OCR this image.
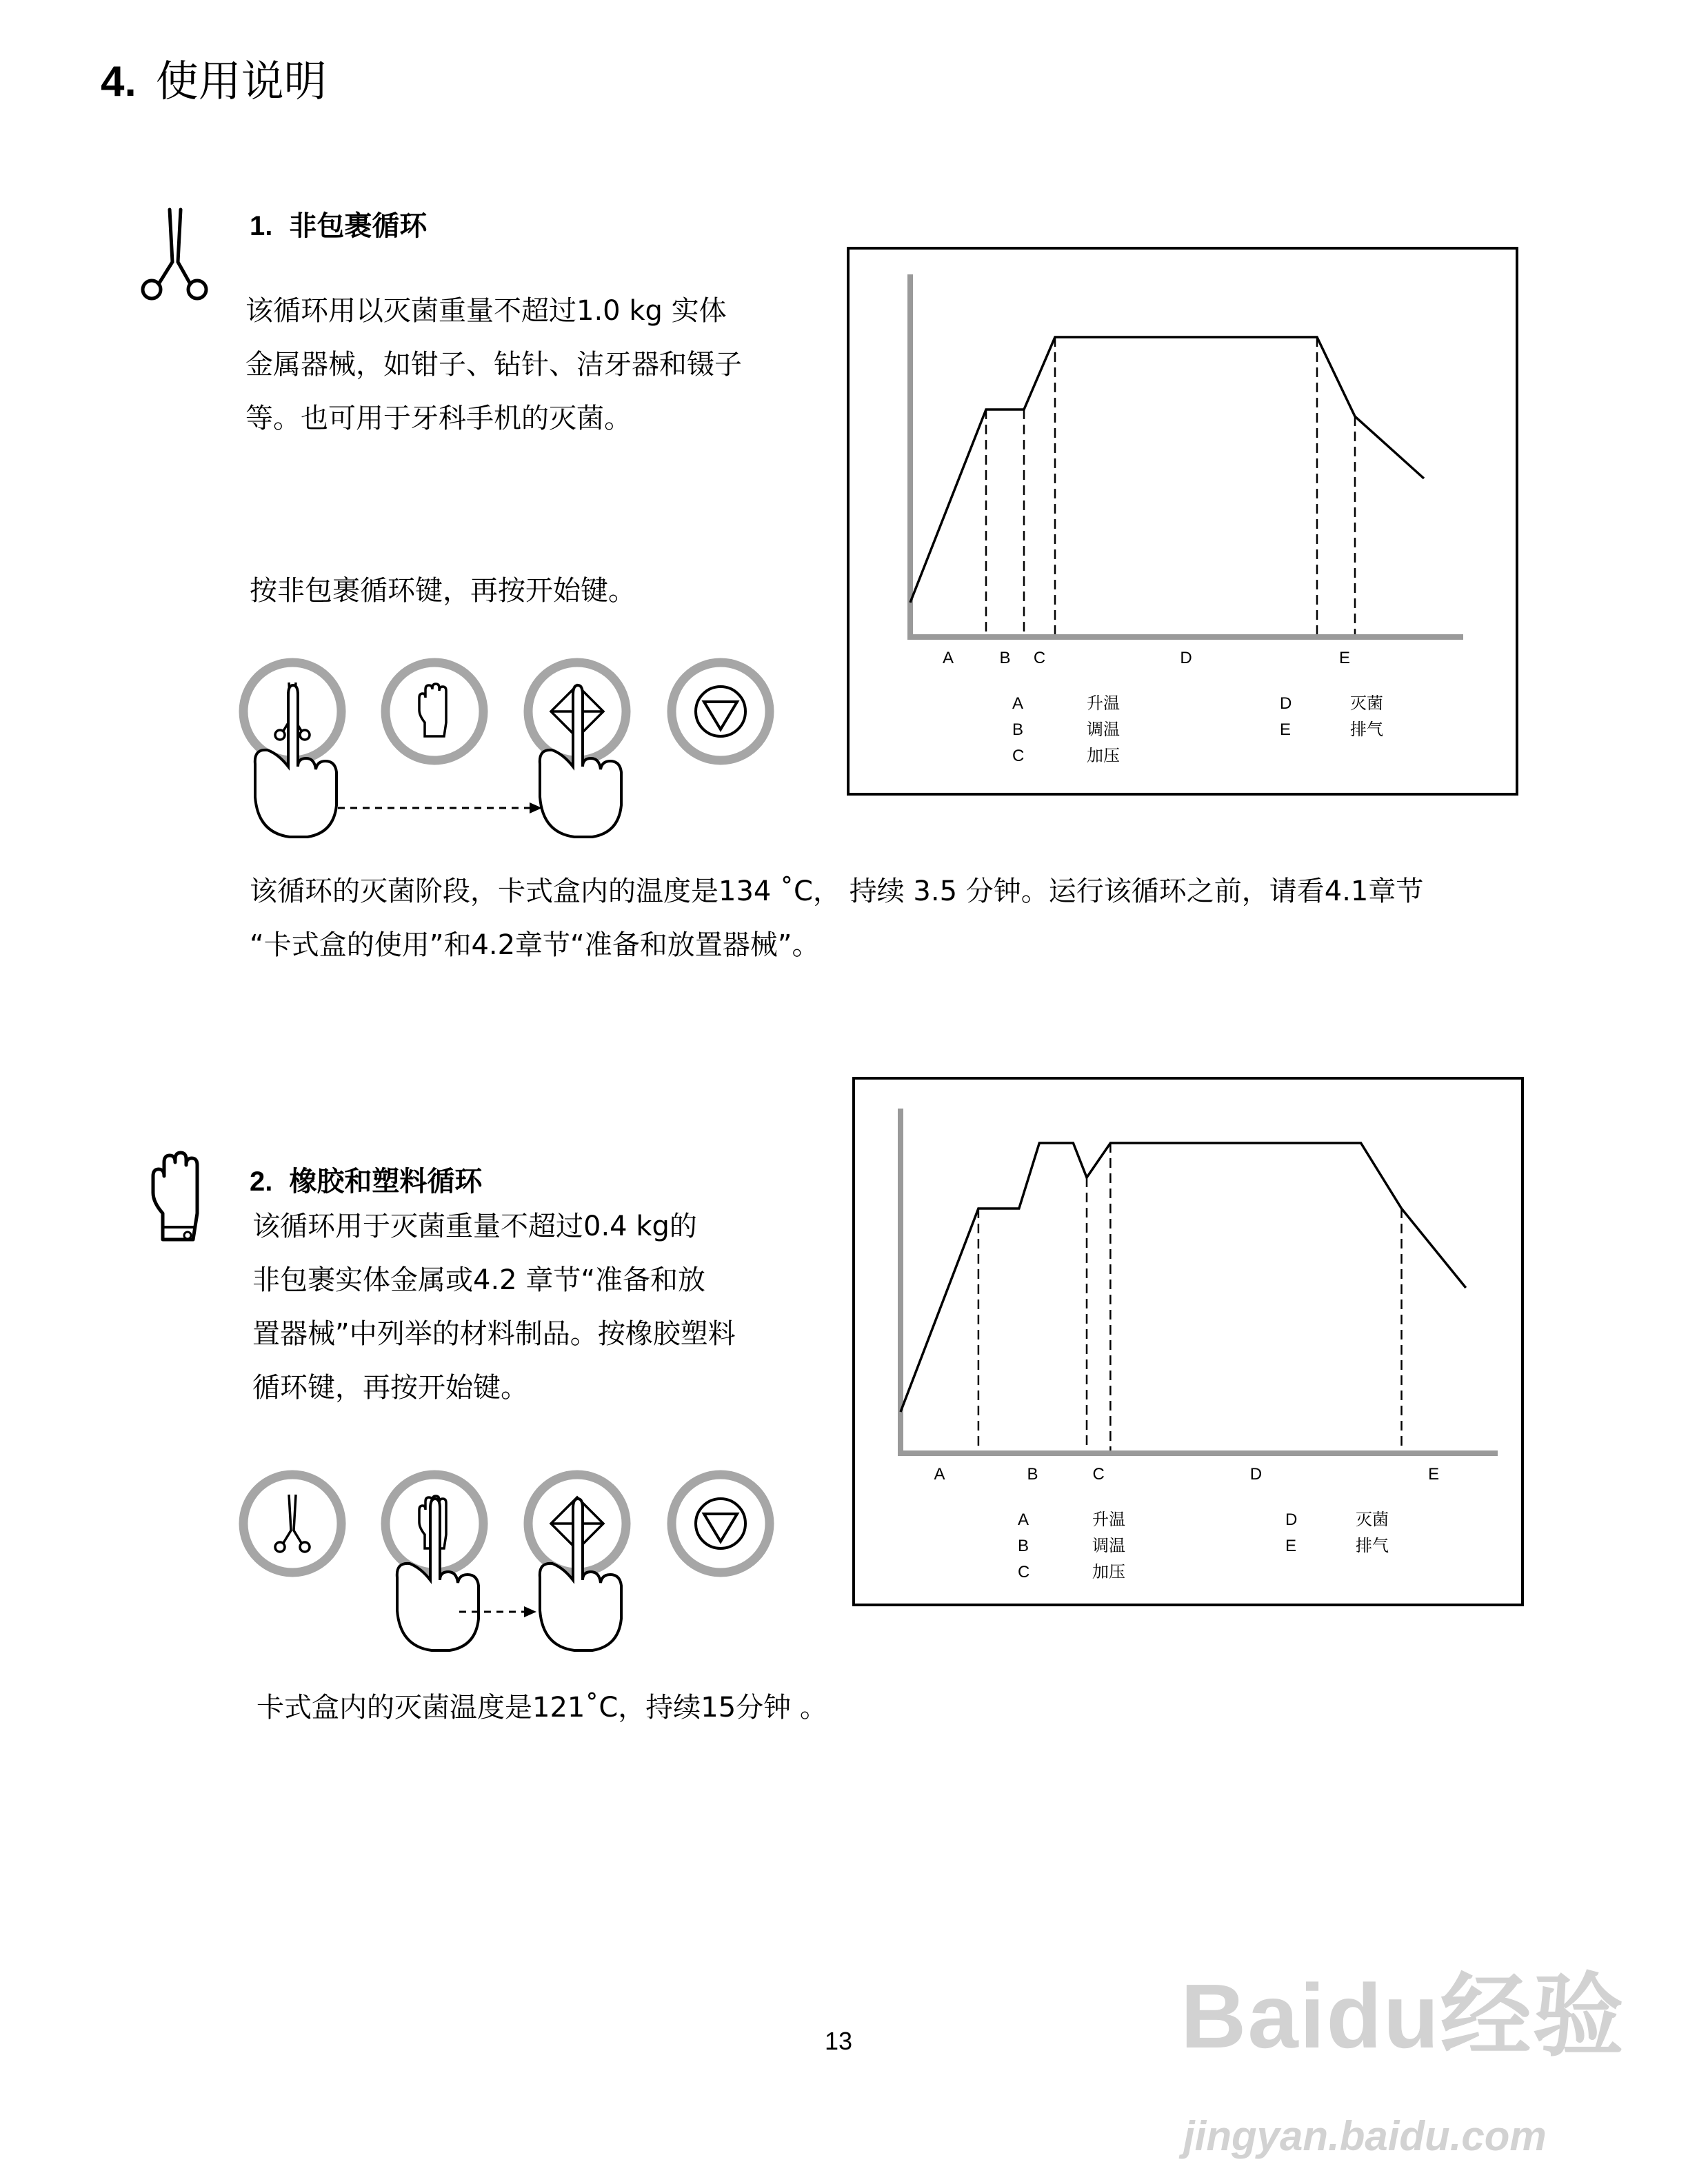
4. 使用说明
1. 非包裹循环
该循环用以灭菌重量不超过1.0 kg 实体
金属器械，如钳子、钻针、洁牙器和镊子
等。也可用于牙科手机的灭菌。
按非包裹循环键，再按开始键。
A	B C	D	E
A	升温
B	调温
C	加压
D	灭菌
E	排气
该循环的灭菌阶段，卡式盒内的温度是134 ˚C， 持续 3.5 分钟。运行该循环之前，请看4.1章节
“卡式盒的使用”和4.2章节“准备和放置器械”。
2. 橡胶和塑料循环
该循环用于灭菌重量不超过0.4 kg的
非包裹实体金属或4.2 章节“准备和放
置器械”中列举的材料制品。按橡胶塑料
循环键，再按开始键。
A	B	C	D	E
A	升温
B	调温
C	加压
D	灭菌
E	排气
卡式盒内的灭菌温度是121˚C，持续15分钟 。
13	Baidu经验
jingyan.baidu.com
